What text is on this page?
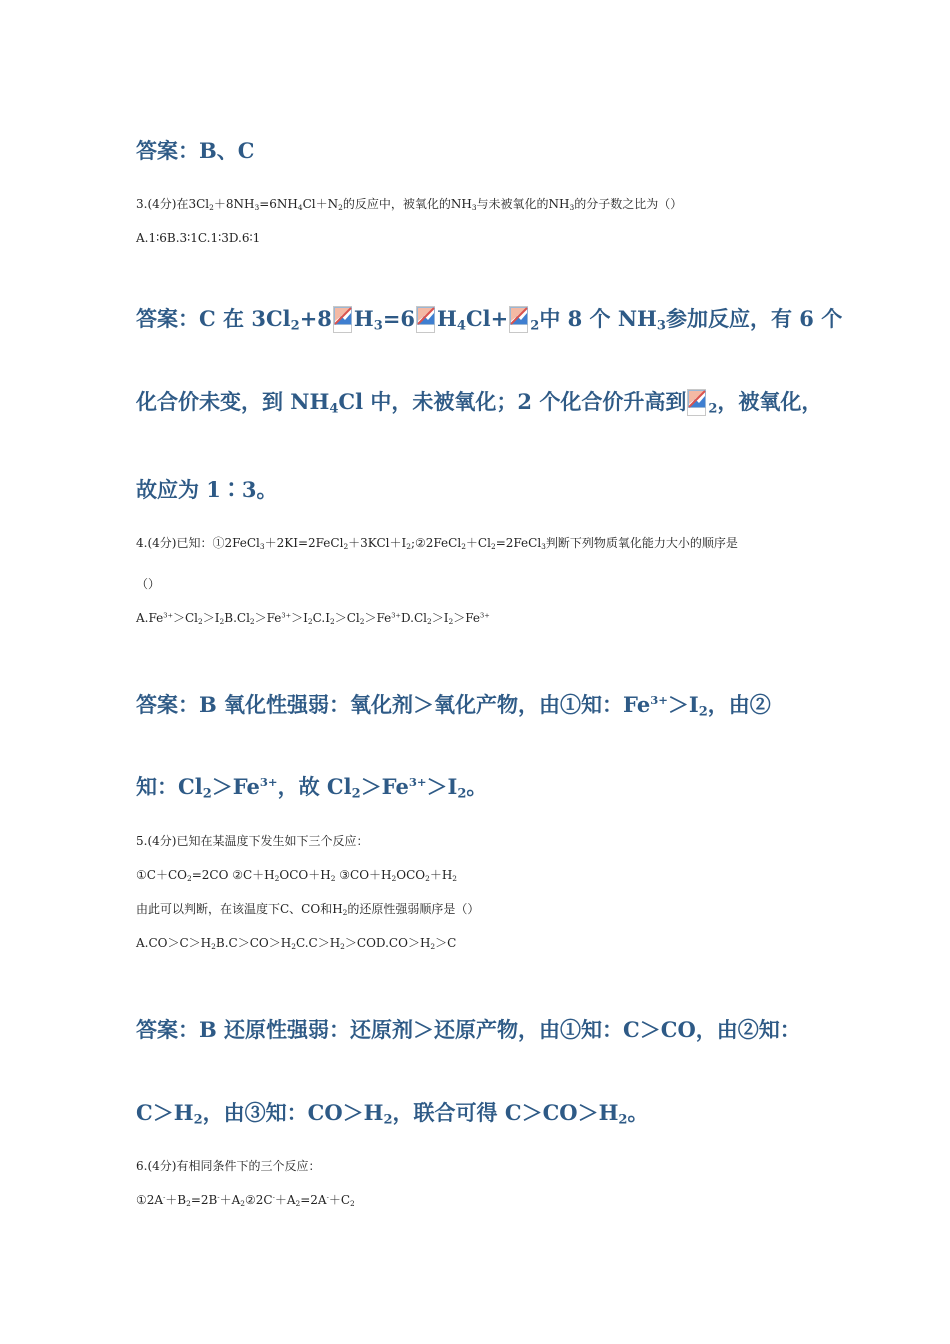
答案：B、C
3.(4分)在$3Cl_2+8NH_3=6NH_4Cl+N_2$的反应中，被氧化的$NH_3$与未被氧化的$NH_3$的分子数之比为（）
A.1∶6B.3∶1C.1∶3D.6∶1
答案：C 在 $3Cl_2+8$ $H_3=6$ $H_4Cl+ _2$中 8 个 $NH_3$参加反应，有 6 个
化合价未变，到 $NH_4Cl$ 中，未被氧化；2 个化合价升高到 $_2$，被氧化，
故应为 1∶3。
4.(4分)已知：$①2FeCl_3+2KI=2FeCl_2+3KCl+I_2;②2FeCl_2+Cl_2=2FeCl_3$判断下列物质氧化能力大小的顺序是
（）
$A.Fe^{3+}>Cl_2>I_2B.Cl_2>Fe^{3+}>I_2C.I_2>Cl_2>Fe^{3+}D.Cl_2>I_2>Fe^{3+}$
答案：B 氧化性强弱：氧化剂＞氧化产物，由①知：$Fe^{3+}>I_2$，由②
知：$Cl_2>Fe^{3+}$，故 $Cl_2>Fe^{3+}>I_2$。
5.(4分)已知在某温度下发生如下三个反应：
$①C+CO_2=2CO$ $②C+H_2OCO+H_2$ $③CO+H_2OCO_2+H_2$
由此可以判断，在该温度下C、CO和$H_2$的还原性强弱顺序是（）
$A.CO>C>H_2B.C>CO>H_2C.C>H_2>COD.CO>H_2>C$
答案：B 还原性强弱：还原剂＞还原产物，由①知：C＞CO，由②知：
$C>H_2$，由③知：$CO>H_2$，联合可得 $C>CO>H_2$。
6.(4分)有相同条件下的三个反应：
$①2A^-+B_2=2B^-+A_2②2C^-+A_2=2A^-+C_2$
